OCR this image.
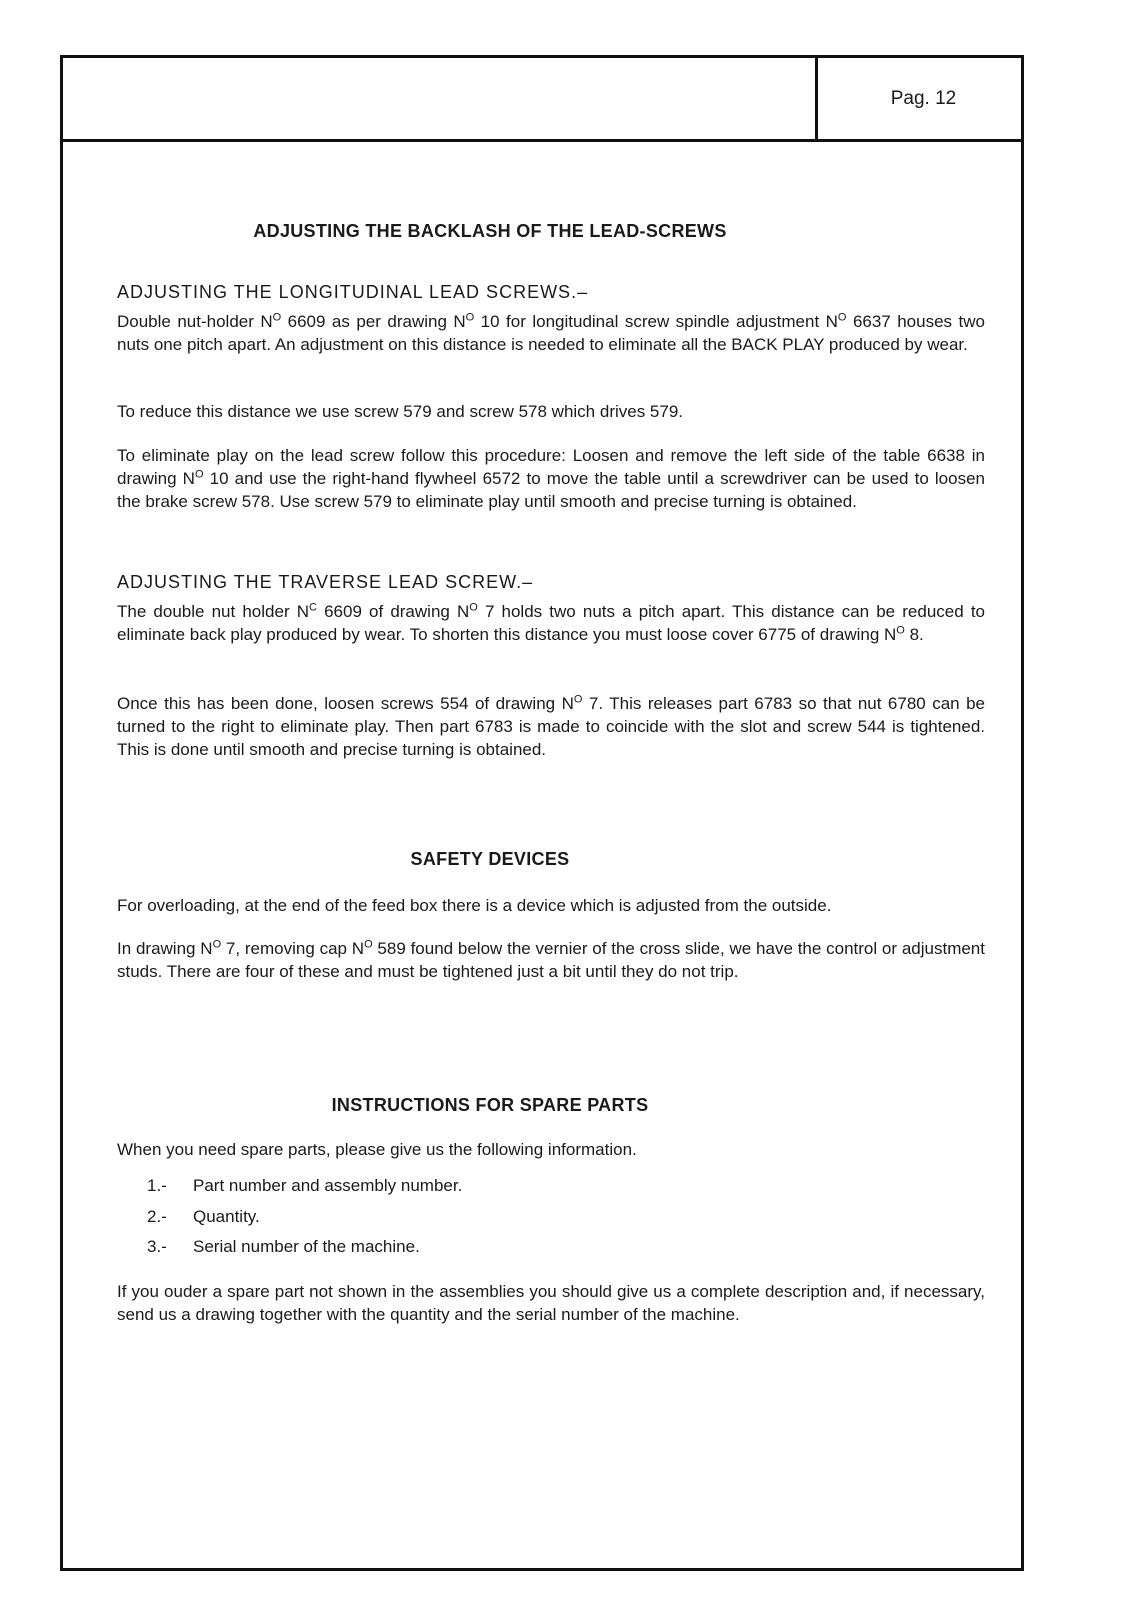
Pag. 12
ADJUSTING THE BACKLASH OF THE LEAD-SCREWS
ADJUSTING THE LONGITUDINAL LEAD SCREWS.–
Double nut-holder $N^O$ 6609 as per drawing $N^O$ 10 for longitudinal screw spindle adjustment $N^O$ 6637 houses two nuts one pitch apart. An adjustment on this distance is needed to eliminate all the BACK PLAY produced by wear.
To reduce this distance we use screw 579 and screw 578 which drives 579.
To eliminate play on the lead screw follow this procedure: Loosen and remove the left side of the table 6638 in drawing $N^O$ 10 and use the right-hand flywheel 6572 to move the table until a screwdriver can be used to loosen the brake screw 578. Use screw 579 to eliminate play until smooth and precise turning is obtained.
ADJUSTING THE TRAVERSE LEAD SCREW.–
The double nut holder $N^C$ 6609 of drawing $N^O$ 7 holds two nuts a pitch apart. This distance can be reduced to eliminate back play produced by wear. To shorten this distance you must loose cover 6775 of drawing $N^O$ 8.
Once this has been done, loosen screws 554 of drawing $N^O$ 7. This releases part 6783 so that nut 6780 can be turned to the right to eliminate play. Then part 6783 is made to coincide with the slot and screw 544 is tightened. This is done until smooth and precise turning is obtained.
SAFETY DEVICES
For overloading, at the end of the feed box there is a device which is adjusted from the outside.
In drawing $N^O$ 7, removing cap $N^O$ 589 found below the vernier of the cross slide, we have the control or adjustment studs. There are four of these and must be tightened just a bit until they do not trip.
INSTRUCTIONS FOR SPARE PARTS
When you need spare parts, please give us the following information.
1.- Part number and assembly number.
2.- Quantity.
3.- Serial number of the machine.
If you ouder a spare part not shown in the assemblies you should give us a complete description and, if necessary, send us a drawing together with the quantity and the serial number of the machine.
